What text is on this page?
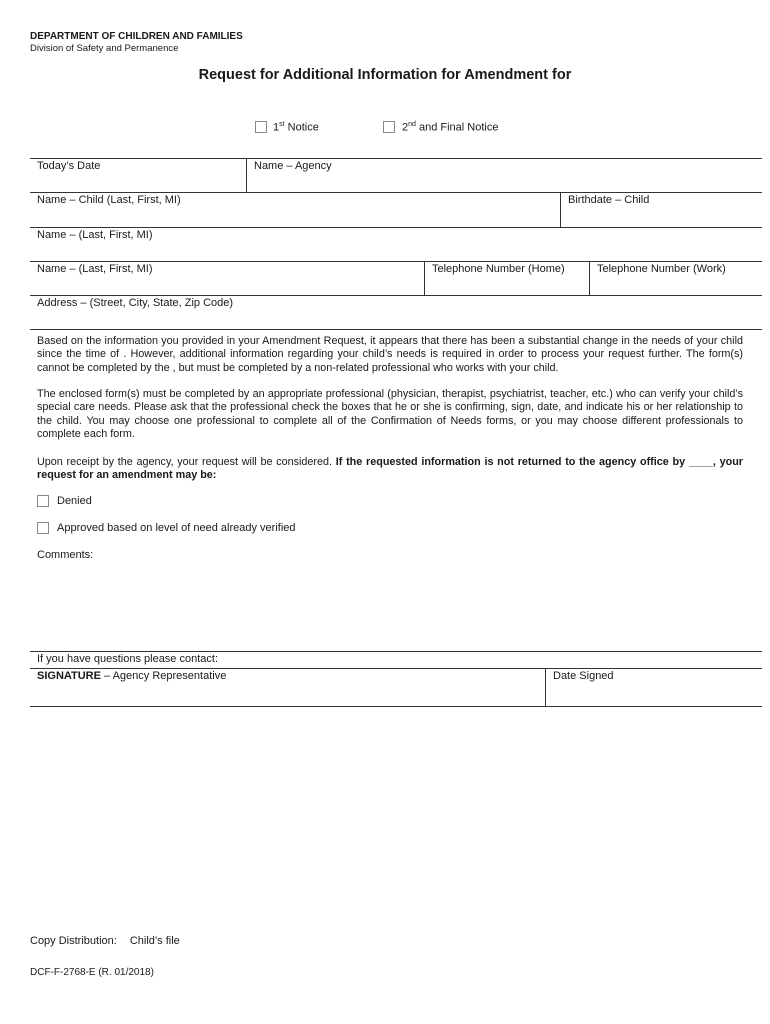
DEPARTMENT OF CHILDREN AND FAMILIES
Division of Safety and Permanence
Request for Additional Information for Amendment for
1st Notice	2nd and Final Notice
Today’s Date	Name – Agency
Name – Child (Last, First, MI)	Birthdate – Child
Name – (Last, First, MI)
Name – (Last, First, MI)	Telephone Number (Home)	Telephone Number (Work)
Address – (Street, City, State, Zip Code)
Based on the information you provided in your Amendment Request, it appears that there has been a substantial change in the needs of your child since the time of . However, additional information regarding your child’s needs is required in order to process your request further. The form(s) cannot be completed by the , but must be completed by a non-related professional who works with your child.
The enclosed form(s) must be completed by an appropriate professional (physician, therapist, psychiatrist, teacher, etc.) who can verify your child’s special care needs. Please ask that the professional check the boxes that he or she is confirming, sign, date, and indicate his or her relationship to the child. You may choose one professional to complete all of the Confirmation of Needs forms, or you may choose different professionals to complete each form.
Upon receipt by the agency, your request will be considered. If the requested information is not returned to the agency office by ____, your request for an amendment may be:
Denied
Approved based on level of need already verified
Comments:
If you have questions please contact:
SIGNATURE – Agency Representative	Date Signed
Copy Distribution: Child’s file
DCF-F-2768-E (R. 01/2018)
